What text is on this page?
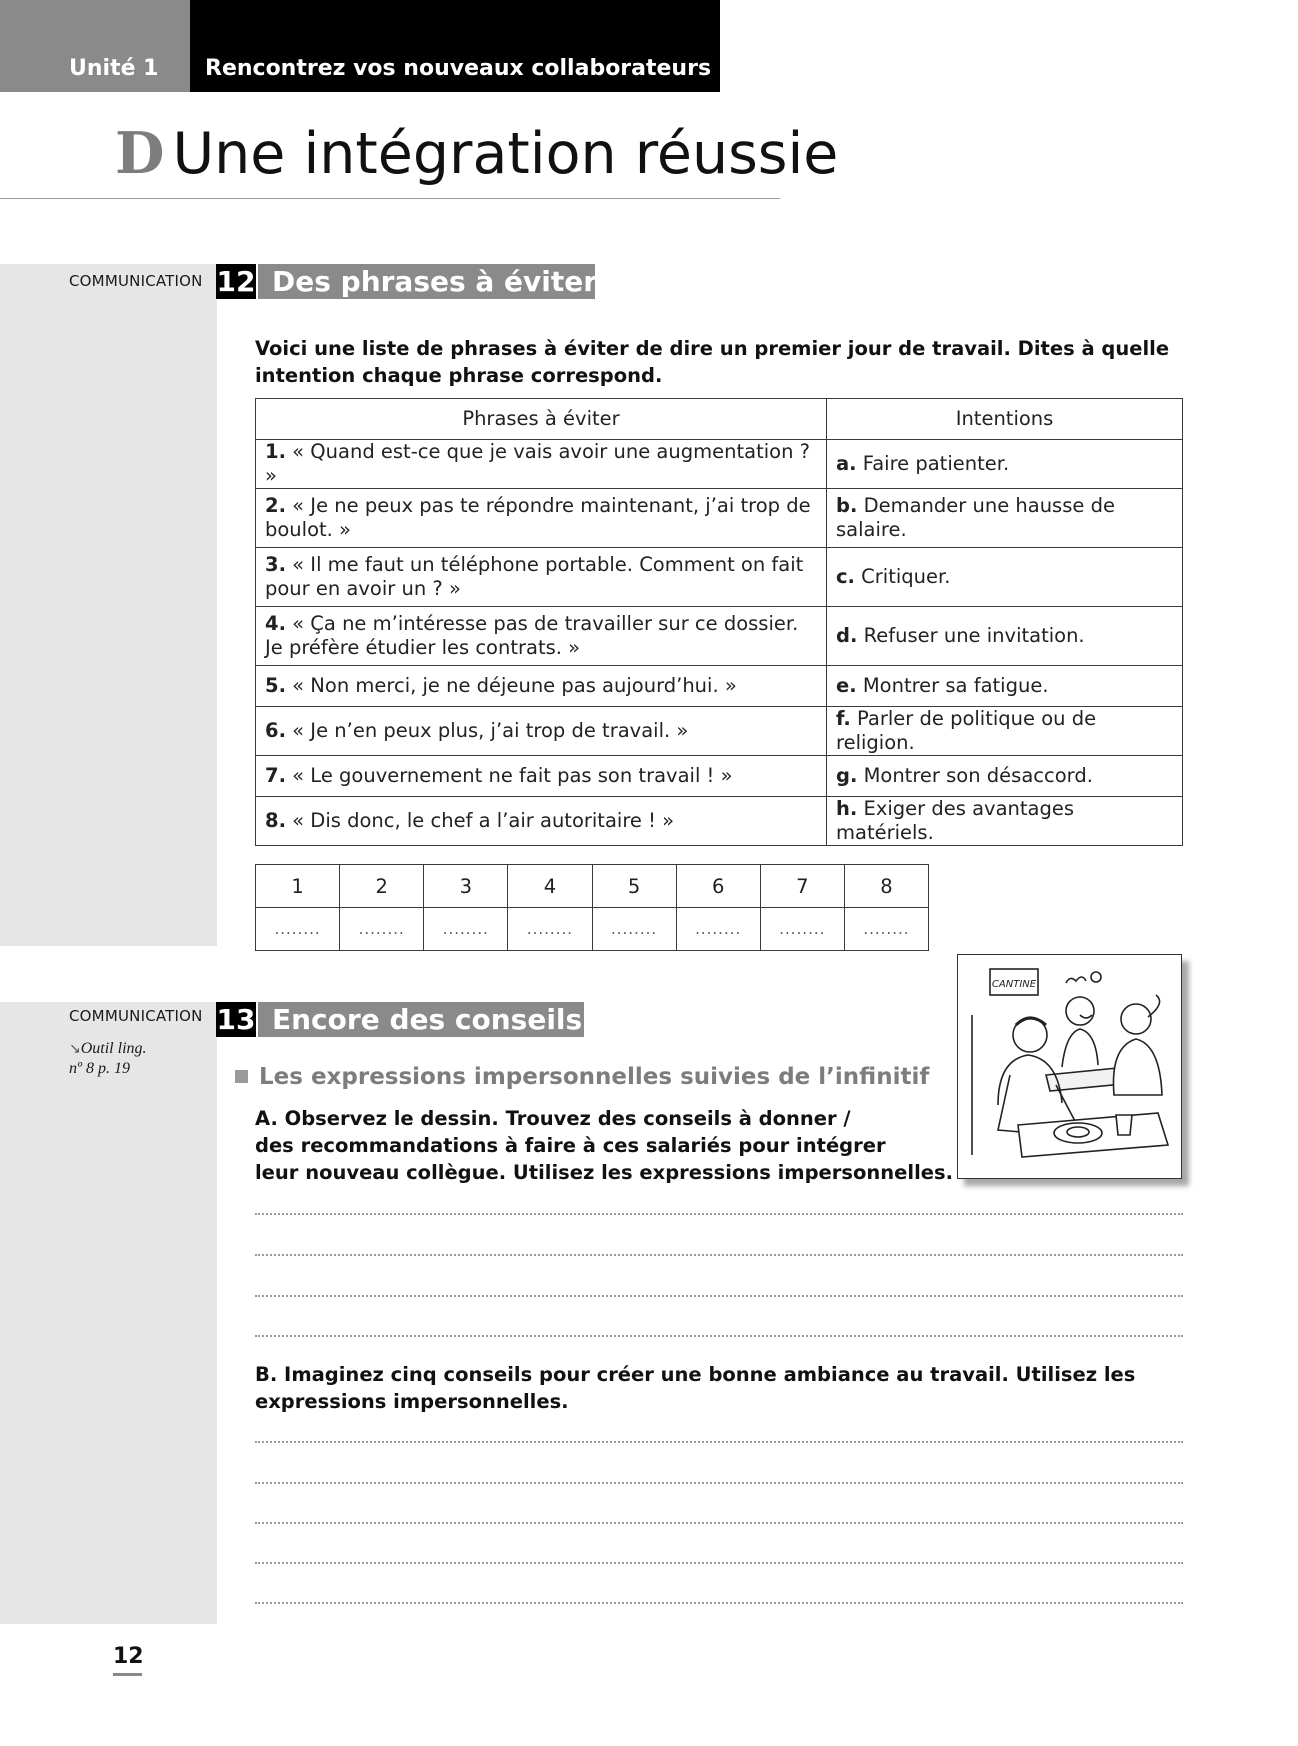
Unité 1	Rencontrez vos nouveaux collaborateurs
D Une intégration réussie
COMMUNICATION 12 Des phrases à éviter
Voici une liste de phrases à éviter de dire un premier jour de travail. Dites à quelle intention chaque phrase correspond.
Phrases à éviter	Intentions
1. « Quand est-ce que je vais avoir une augmentation ? »	a. Faire patienter.
2. « Je ne peux pas te répondre maintenant, j’ai trop de boulot. »	b. Demander une hausse de salaire.
3. « Il me faut un téléphone portable. Comment on fait pour en avoir un ? »	c. Critiquer.
4. « Ça ne m’intéresse pas de travailler sur ce dossier. Je préfère étudier les contrats. »	d. Refuser une invitation.
5. « Non merci, je ne déjeune pas aujourd’hui. »	e. Montrer sa fatigue.
6. « Je n’en peux plus, j’ai trop de travail. »	f. Parler de politique ou de religion.
7. « Le gouvernement ne fait pas son travail ! »	g. Montrer son désaccord.
8. « Dis donc, le chef a l’air autoritaire ! »	h. Exiger des avantages matériels.
1	2	3	4	5	6	7	8
........	........	........	........	........	........	........	........
CANTINE
COMMUNICATION
↘Outil ling.
nº 8 p. 19
13 Encore des conseils
Les expressions impersonnelles suivies de l’infinitif
A. Observez le dessin. Trouvez des conseils à donner /
des recommandations à faire à ces salariés pour intégrer
leur nouveau collègue. Utilisez les expressions impersonnelles.
B. Imaginez cinq conseils pour créer une bonne ambiance au travail. Utilisez les expressions impersonnelles.
12
